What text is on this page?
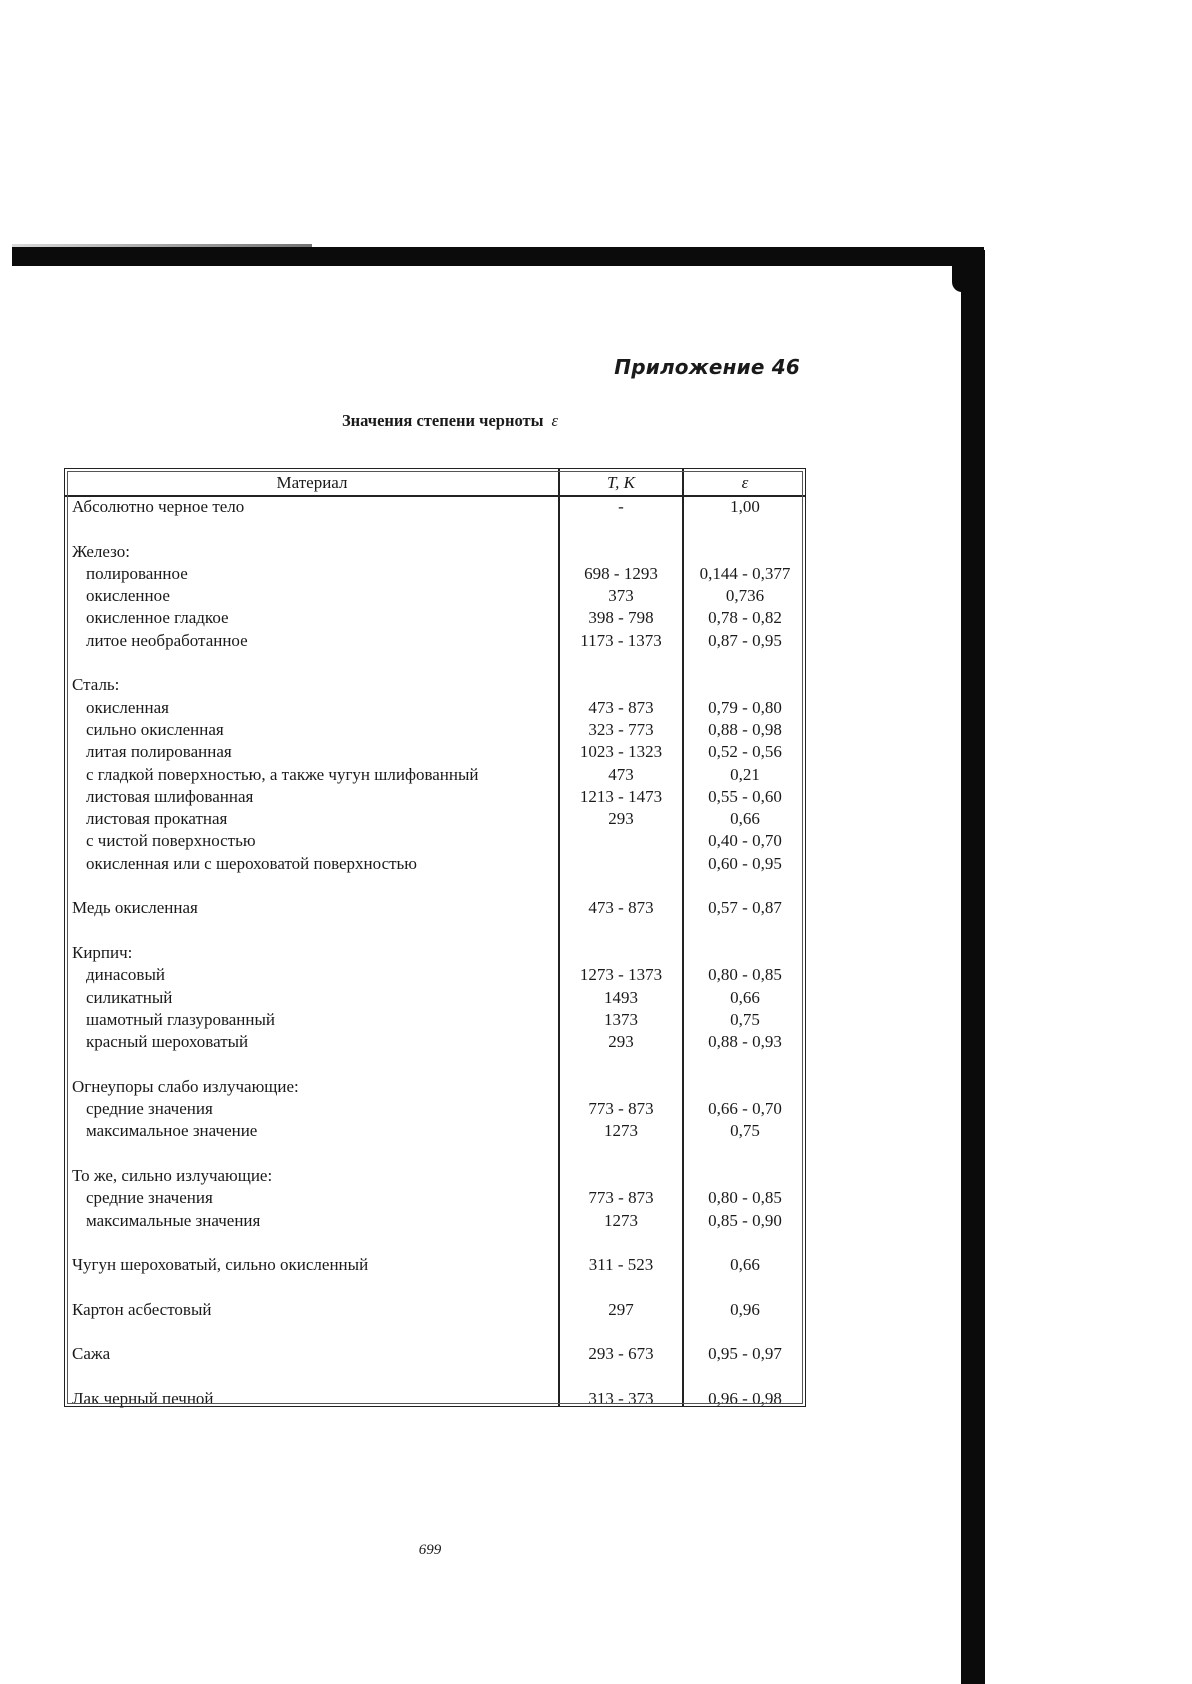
Приложение 46
Значения степени черноты ε
Материал	T, K	ε
Абсолютно черное тело	-	1,00

Железо:		
полированное	698 - 1293	0,144 - 0,377
окисленное	373	0,736
окисленное гладкое	398 - 798	0,78 - 0,82
литое необработанное	1173 - 1373	0,87 - 0,95

Сталь:		
окисленная	473 - 873	0,79 - 0,80
сильно окисленная	323 - 773	0,88 - 0,98
литая полированная	1023 - 1323	0,52 - 0,56
с гладкой поверхностью, а также чугун шлифованный	473	0,21
листовая шлифованная	1213 - 1473	0,55 - 0,60
листовая прокатная	293	0,66
с чистой поверхностью		0,40 - 0,70
окисленная или с шероховатой поверхностью		0,60 - 0,95

Медь окисленная	473 - 873	0,57 - 0,87

Кирпич:		
динасовый	1273 - 1373	0,80 - 0,85
силикатный	1493	0,66
шамотный глазурованный	1373	0,75
красный шероховатый	293	0,88 - 0,93

Огнеупоры слабо излучающие:		
средние значения	773 - 873	0,66 - 0,70
максимальное значение	1273	0,75

То же, сильно излучающие:		
средние значения	773 - 873	0,80 - 0,85
максимальные значения	1273	0,85 - 0,90

Чугун шероховатый, сильно окисленный	311 - 523	0,66

Картон асбестовый	297	0,96

Сажа	293 - 673	0,95 - 0,97

Лак черный печной	313 - 373	0,96 - 0,98
699
